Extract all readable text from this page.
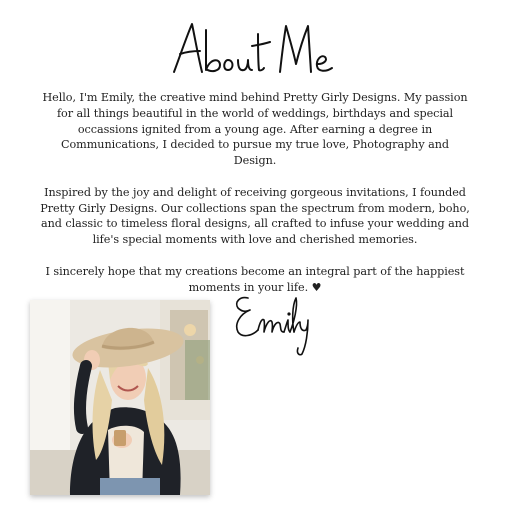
Hello, I'm Emily, the creative mind behind Pretty Girly Designs. My passion for all things beautiful in the world of weddings, birthdays and special occassions ignited from a young age. After earning a degree in Communications, I decided to pursue my true love, Photography and Design.

Inspired by the joy and delight of receiving gorgeous invitations, I founded Pretty Girly Designs. Our collections span the spectrum from modern, boho, and classic to timeless floral designs, all crafted to infuse your wedding and life's special moments with love and cherished memories.

I sincerely hope that my creations become an integral part of the happiest moments in your life. ♥
